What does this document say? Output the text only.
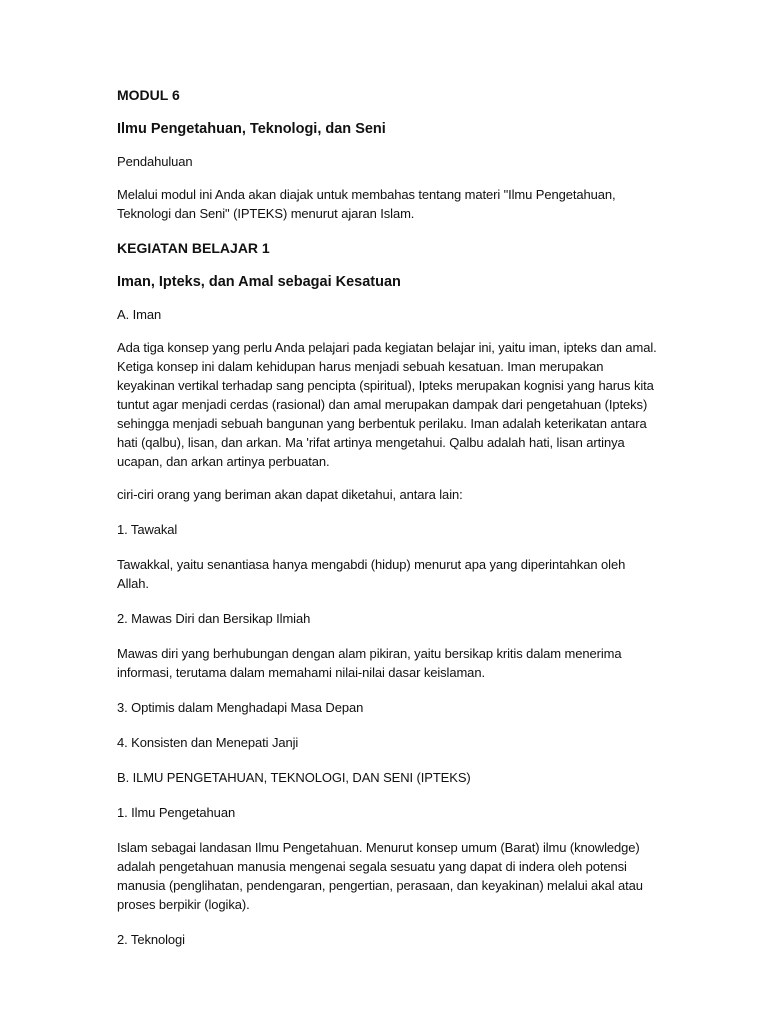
MODUL 6

Ilmu Pengetahuan, Teknologi, dan Seni

Pendahuluan

Melalui modul ini Anda akan diajak untuk membahas tentang materi "Ilmu Pengetahuan, Teknologi dan Seni" (IPTEKS) menurut ajaran Islam.

KEGIATAN BELAJAR 1

Iman, Ipteks, dan Amal sebagai Kesatuan

A. Iman

Ada tiga konsep yang perlu Anda pelajari pada kegiatan belajar ini, yaitu iman, ipteks dan amal. Ketiga konsep ini dalam kehidupan harus menjadi sebuah kesatuan. Iman merupakan keyakinan vertikal terhadap sang pencipta (spiritual), Ipteks merupakan kognisi yang harus kita tuntut agar menjadi cerdas (rasional) dan amal merupakan dampak dari pengetahuan (Ipteks) sehingga menjadi sebuah bangunan yang berbentuk perilaku. Iman adalah keterikatan antara hati (qalbu), lisan, dan arkan. Ma 'rifat artinya mengetahui. Qalbu adalah hati, lisan artinya ucapan, dan arkan artinya perbuatan.

ciri-ciri orang yang beriman akan dapat diketahui, antara lain:

1. Tawakal

Tawakkal, yaitu senantiasa hanya mengabdi (hidup) menurut apa yang diperintahkan oleh Allah.

2. Mawas Diri dan Bersikap Ilmiah

Mawas diri yang berhubungan dengan alam pikiran, yaitu bersikap kritis dalam menerima informasi, terutama dalam memahami nilai-nilai dasar keislaman.

3. Optimis dalam Menghadapi Masa Depan

4. Konsisten dan Menepati Janji

B. ILMU PENGETAHUAN, TEKNOLOGI, DAN SENI (IPTEKS)

1. Ilmu Pengetahuan

Islam sebagai landasan Ilmu Pengetahuan. Menurut konsep umum (Barat) ilmu (knowledge) adalah pengetahuan manusia mengenai segala sesuatu yang dapat di indera oleh potensi manusia (penglihatan, pendengaran, pengertian, perasaan, dan keyakinan) melalui akal atau proses berpikir (logika).

2. Teknologi
